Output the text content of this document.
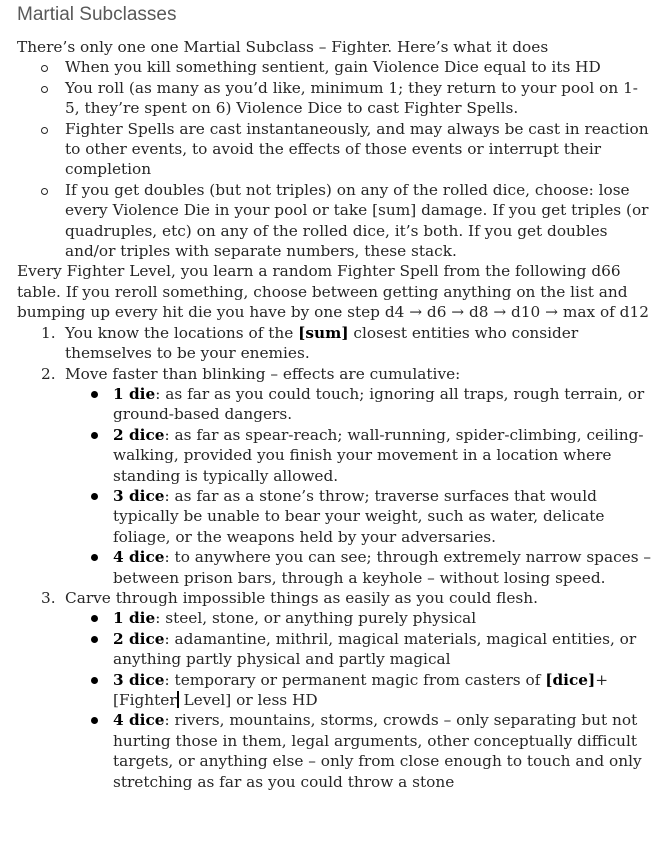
Martial Subclasses

There’s only one one Martial Subclass – Fighter. Here’s what it does

When you kill something sentient, gain Violence Dice equal to its HD
You roll (as many as you’d like, minimum 1; they return to your pool on 1-5, they’re spent on 6) Violence Dice to cast Fighter Spells.
Fighter Spells are cast instantaneously, and may always be cast in reaction to other events, to avoid the effects of those events or interrupt their completion
If you get doubles (but not triples) on any of the rolled dice, choose: lose every Violence Die in your pool or take [sum] damage. If you get triples (or quadruples, etc) on any of the rolled dice, it’s both. If you get doubles and/or triples with separate numbers, these stack.

Every Fighter Level, you learn a random Fighter Spell from the following d66 table. If you reroll something, choose between getting anything on the list and bumping up every hit die you have by one step d4 → d6 → d8 → d10 → max of d12

1. You know the locations of the [sum] closest entities who consider themselves to be your enemies.
2. Move faster than blinking – effects are cumulative:
1 die: as far as you could touch; ignoring all traps, rough terrain, or ground-based dangers.
2 dice: as far as spear-reach; wall-running, spider-climbing, ceiling-walking, provided you finish your movement in a location where standing is typically allowed.
3 dice: as far as a stone’s throw; traverse surfaces that would typically be unable to bear your weight, such as water, delicate foliage, or the weapons held by your adversaries.
4 dice: to anywhere you can see; through extremely narrow spaces – between prison bars, through a keyhole – without losing speed.
3. Carve through impossible things as easily as you could flesh.
1 die: steel, stone, or anything purely physical
2 dice: adamantine, mithril, magical materials, magical entities, or anything partly physical and partly magical
3 dice: temporary or permanent magic from casters of [dice]+[Fighter Level] or less HD
4 dice: rivers, mountains, storms, crowds – only separating but not hurting those in them, legal arguments, other conceptually difficult targets, or anything else – only from close enough to touch and only stretching as far as you could throw a stone
